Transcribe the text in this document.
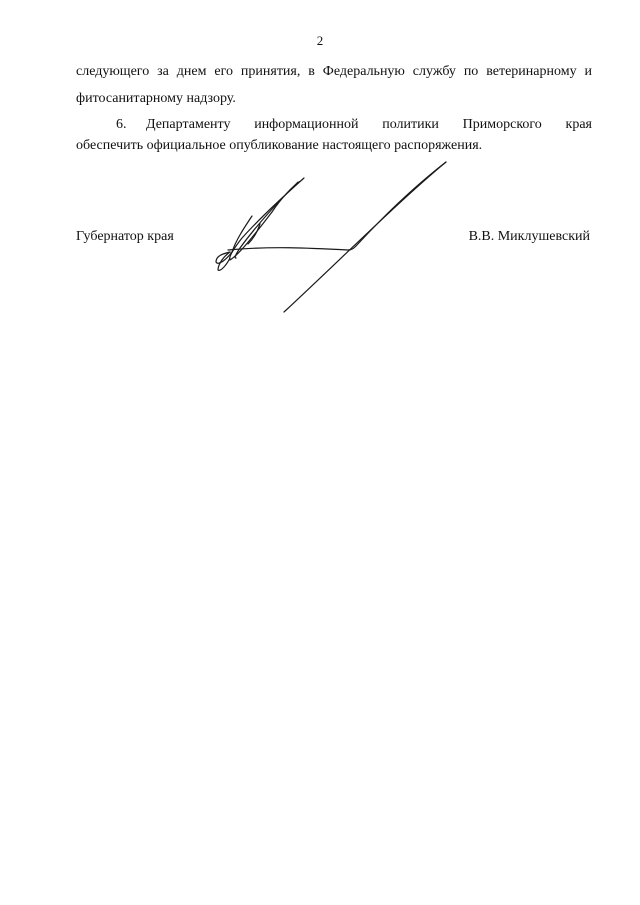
2
следующего за днем его принятия, в Федеральную службу по ветеринарному и
фитосанитарному надзору.
6.	Департаменту информационной политики Приморского края
обеспечить официальное опубликование настоящего распоряжения.
Губернатор края	В.В. Миклушевский
